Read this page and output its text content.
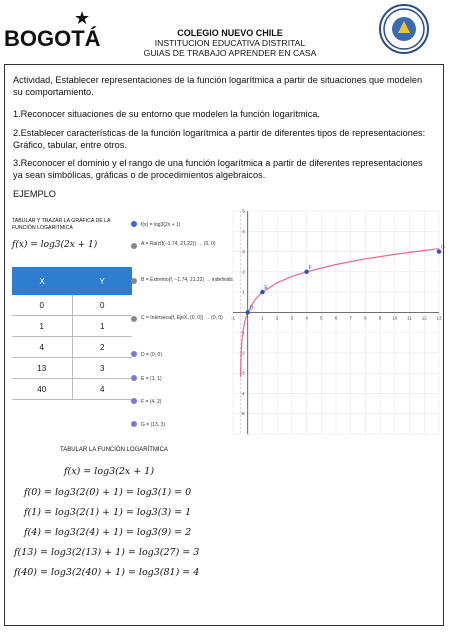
★
BOGOTÁ	COLEGIO NUEVO CHILE
INSTITUCION EDUCATIVA DISTRITAL
GUIAS DE TRABAJO APRENDER EN CASA
Actividad, Establecer representaciones de la función logarítmica a partir de situaciones que modelen su comportamiento.
1.Reconocer situaciones de su entorno que modelen la función logarítmica.
2.Establecer características de la función logarítmica a partir de diferentes tipos de representaciones: Gráfico, tabular, entre otros.
3.Reconocer el dominio y el rango de una función logarítmica a partir de diferentes representaciones ya sean simbólicas, gráficas o de procedimientos algebraicos.
EJEMPLO
TABULAR Y TRAZAR LA GRÁFICA DE LA FUNCIÓN LOGARITMICA
f(x) = log3(2x + 1)
X	Y
0	0
1	1
4	2
13	3
40	4
f(x) = log3(2x + 1)
A = Raíz(f(−1.74, 21.22)) → (0, 0)
B = Extremo(f, −1.74, 21.22) → indefinido
C = Interseca(f, EjeX, (0, 0)) → (0, 0)
D = (0, 0)
E = (1, 1)
F = (4, 2)
G = (13, 3)
-1	1	2	3	4	5	6	7	8	9 10 11 12 13
5
4
3
2
1
-1
-2
-3
-4
-5
D
E
F
G
TABULAR LA FUNCIÓN LOGARÍTMICA
f(x) = log3(2x + 1)
f(0) = log3(2(0) + 1) = log3(1) = 0
f(1) = log3(2(1) + 1) = log3(3) = 1
f(4) = log3(2(4) + 1) = log3(9) = 2
f(13) = log3(2(13) + 1) = log3(27) = 3
f(40) = log3(2(40) + 1) = log3(81) = 4
